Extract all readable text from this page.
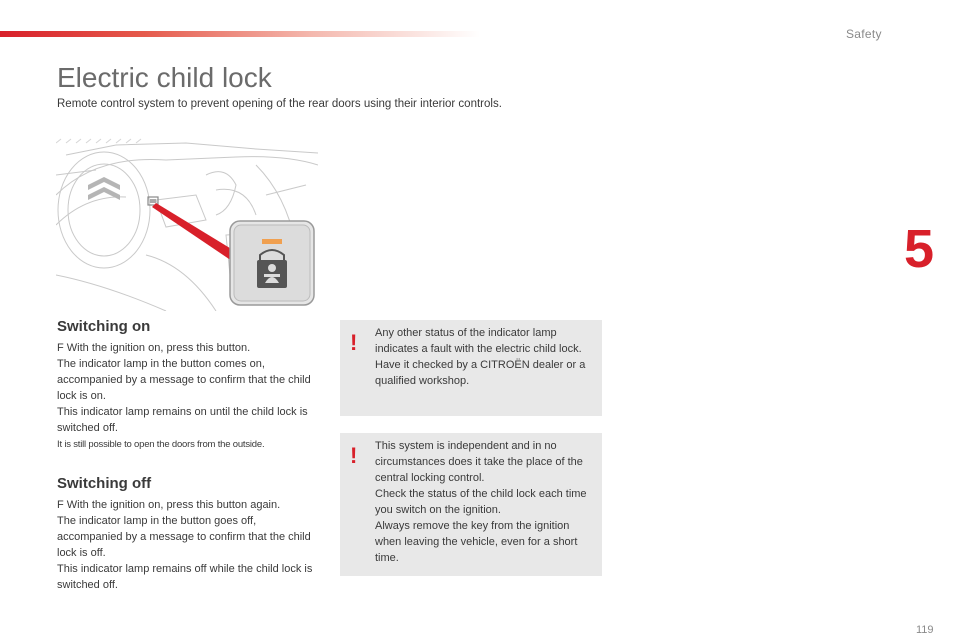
Safety
5
Electric child lock
Remote control system to prevent opening of the rear doors using their interior controls.
Switching on

F With the ignition on, press this button.

The indicator lamp in the button comes on, accompanied by a message to confirm that the child lock is on.

This indicator lamp remains on until the child lock is switched off.

It is still possible to open the doors from the outside.
Switching off

F With the ignition on, press this button again.

The indicator lamp in the button goes off, accompanied by a message to confirm that the child lock is off.

This indicator lamp remains off while the child lock is switched off.

! Any other status of the indicator lamp indicates a fault with the electric child lock.

Have it checked by a CITROËN dealer or a qualified workshop.

! This system is independent and in no circumstances does it take the place of the central locking control.

Check the status of the child lock each time you switch on the ignition.

Always remove the key from the ignition when leaving the vehicle, even for a short time.

119
